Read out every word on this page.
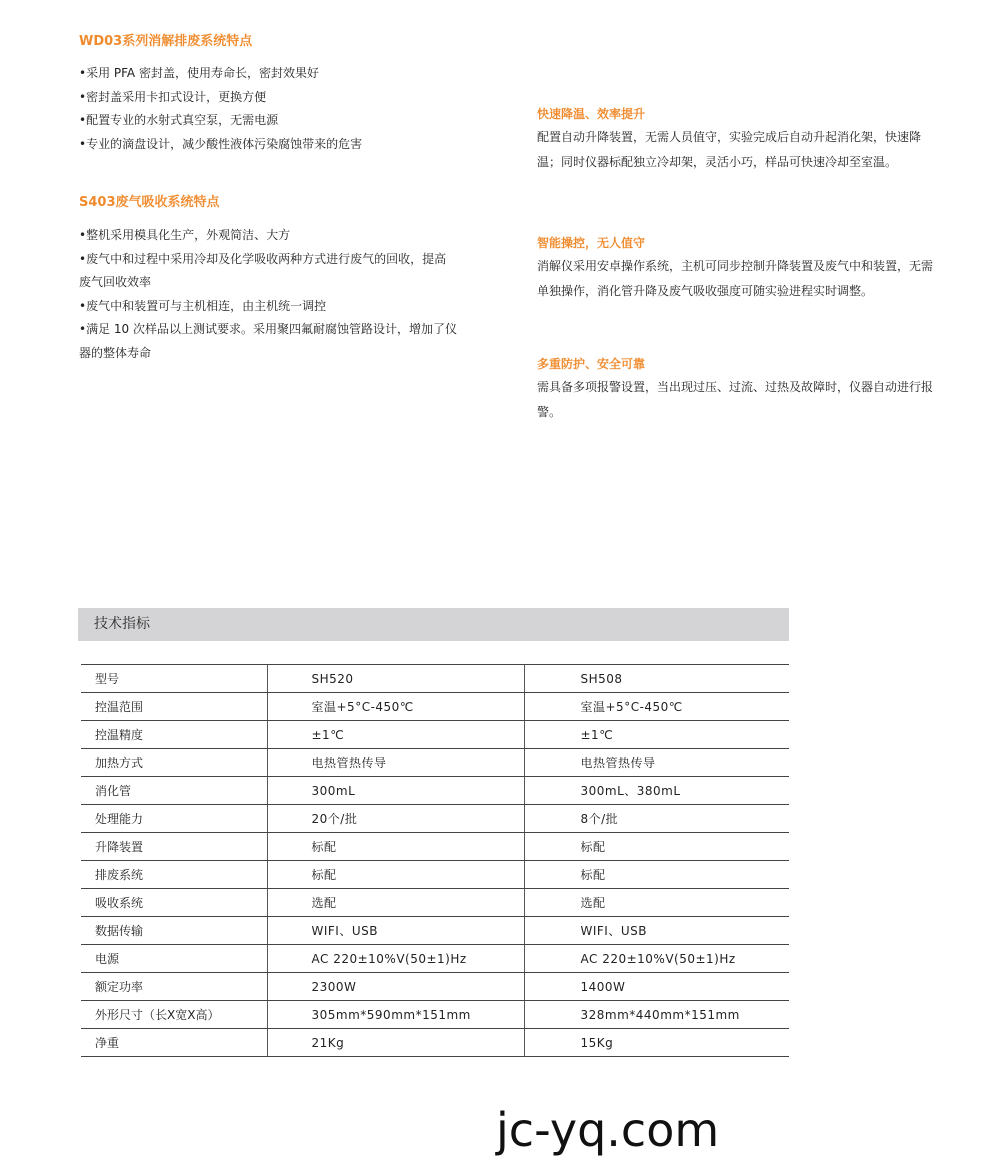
WD03系列消解排废系统特点
•采用 PFA 密封盖，使用寿命长，密封效果好
•密封盖采用卡扣式设计，更换方便
•配置专业的水射式真空泵，无需电源
•专业的滴盘设计，减少酸性液体污染腐蚀带来的危害
S403废气吸收系统特点
•整机采用模具化生产，外观简洁、大方
•废气中和过程中采用冷却及化学吸收两种方式进行废气的回收，提高废气回收效率
•废气中和装置可与主机相连，由主机统一调控
•满足 10 次样品以上测试要求。采用聚四氟耐腐蚀管路设计，增加了仪器的整体寿命
快速降温、效率提升
配置自动升降装置，无需人员值守，实验完成后自动升起消化架，快速降温；同时仪器标配独立冷却架，灵活小巧，样品可快速冷却至室温。
智能操控，无人值守
消解仪采用安卓操作系统，主机可同步控制升降装置及废气中和装置，无需单独操作，消化管升降及废气吸收强度可随实验进程实时调整。
多重防护、安全可靠
需具备多项报警设置，当出现过压、过流、过热及故障时，仪器自动进行报警。
技术指标
型号	SH520	SH508
控温范围	室温+5°C-450℃	室温+5°C-450℃
控温精度	±1℃	±1℃
加热方式	电热管热传导	电热管热传导
消化管	300mL	300mL、380mL
处理能力	20个/批	8个/批
升降装置	标配	标配
排废系统	标配	标配
吸收系统	选配	选配
数据传输	WIFI、USB	WIFI、USB
电源	AC 220±10%V(50±1)Hz	AC 220±10%V(50±1)Hz
额定功率	2300W	1400W
外形尺寸（长X宽X高）	305mm*590mm*151mm	328mm*440mm*151mm
净重	21Kg	15Kg
jc-yq.com
